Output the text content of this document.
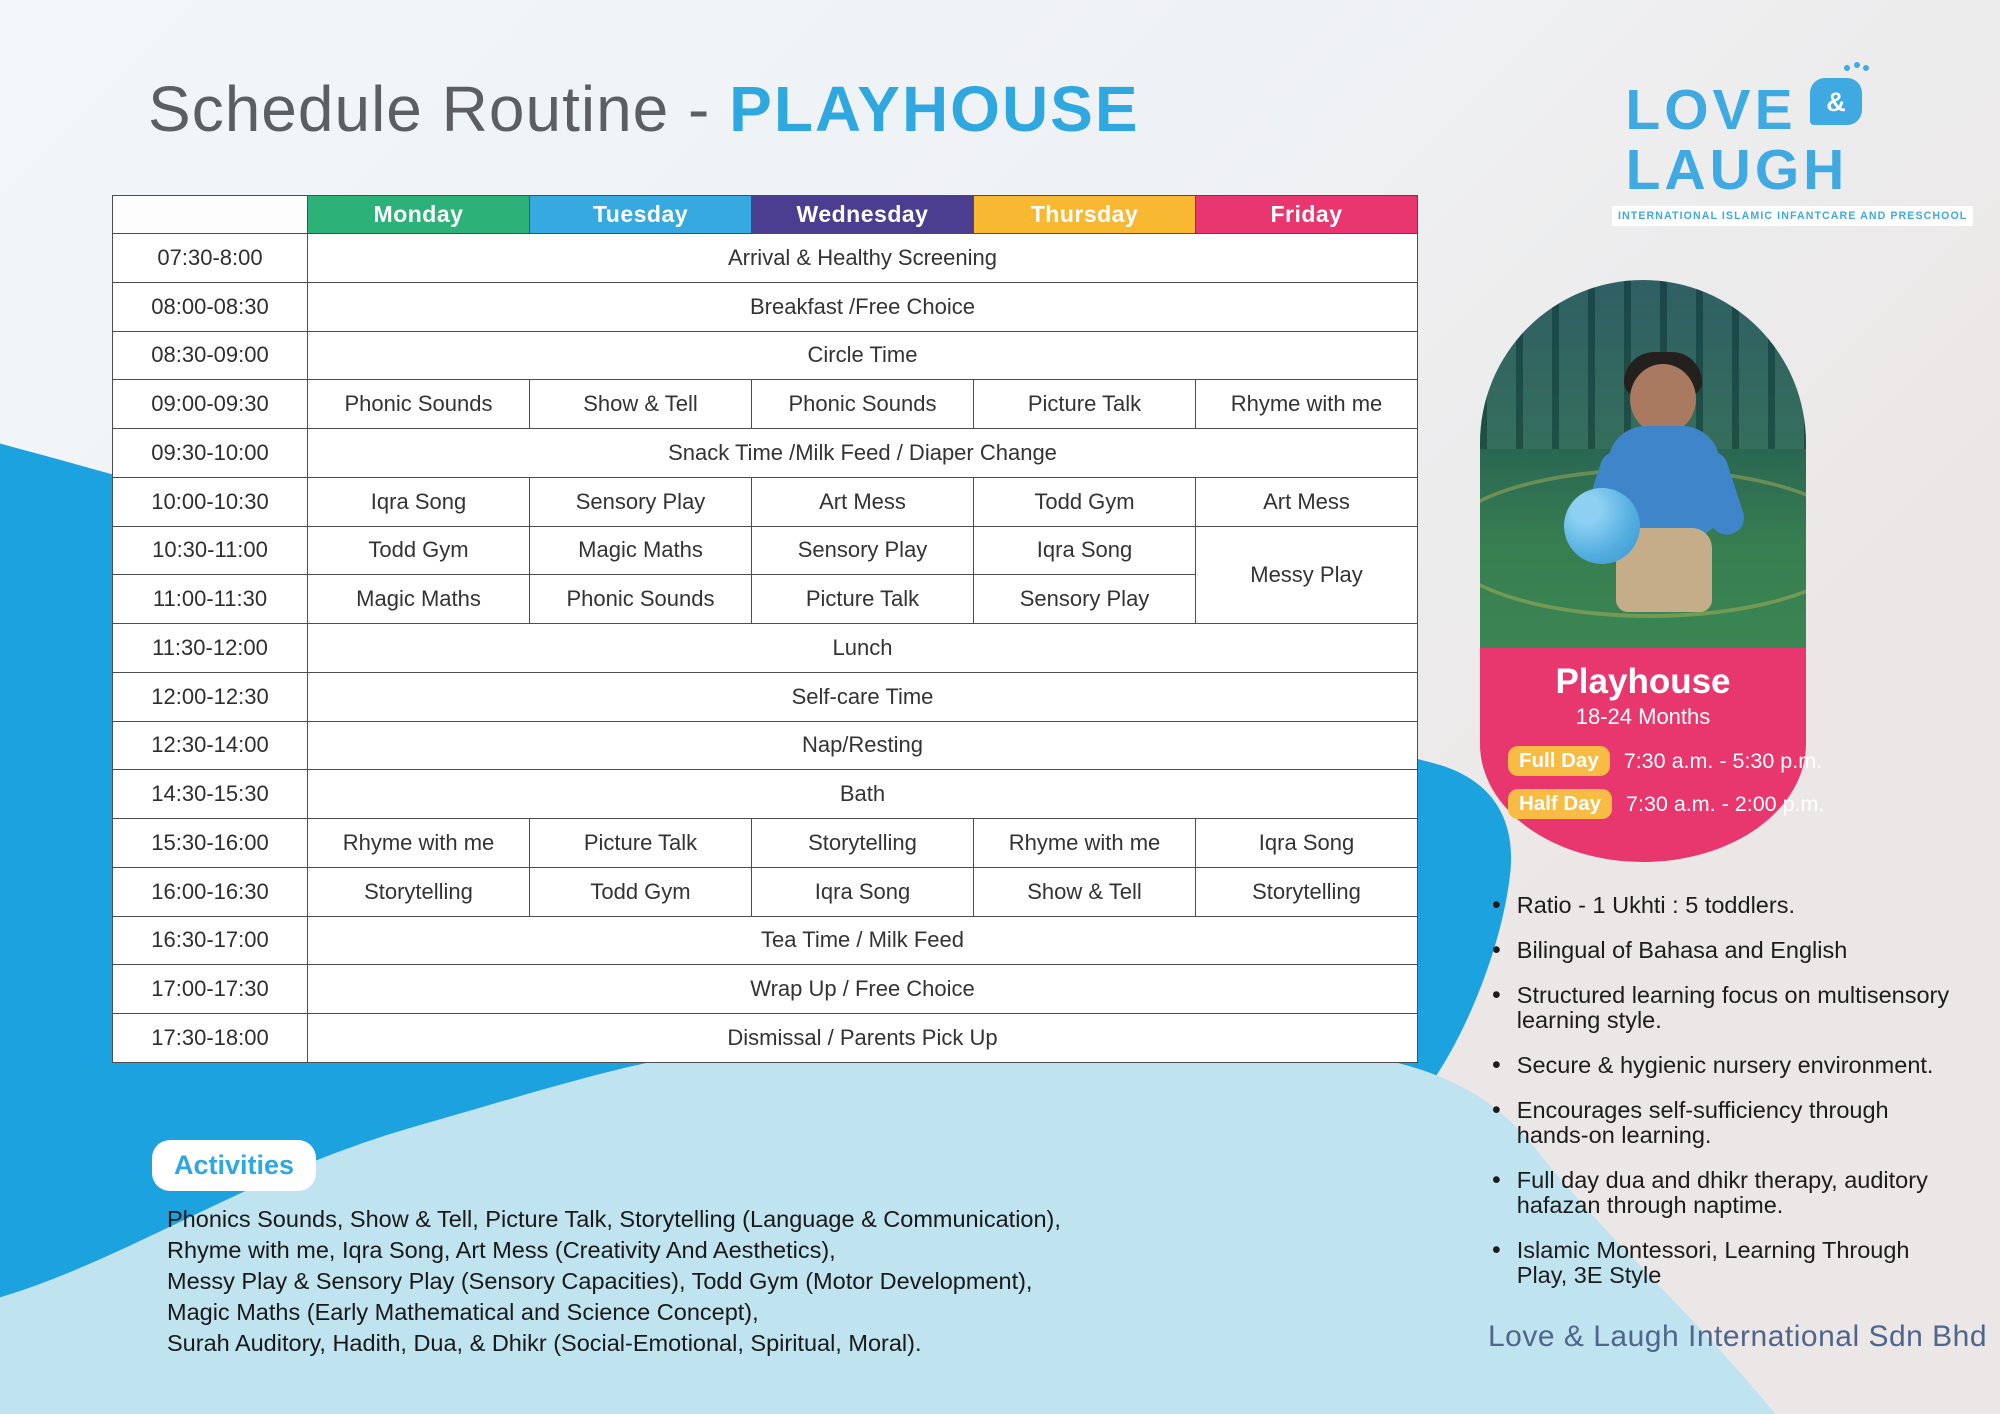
Schedule Routine - PLAYHOUSE	LOVE &
LAUGH
INTERNATIONAL ISLAMIC INFANTCARE AND PRESCHOOL
	Monday	Tuesday	Wednesday	Thursday	Friday
07:30-8:00	Arrival & Healthy Screening				
08:00-08:30	Breakfast /Free Choice				
08:30-09:00	Circle Time				
09:00-09:30	Phonic Sounds	Show & Tell	Phonic Sounds	Picture Talk	Rhyme with me
09:30-10:00	Snack Time /Milk Feed / Diaper Change				
10:00-10:30	Iqra Song	Sensory Play	Art Mess	Todd Gym	Art Mess
10:30-11:00	Todd Gym	Magic Maths	Sensory Play	Iqra Song	Messy Play
11:00-11:30	Magic Maths	Phonic Sounds	Picture Talk	Sensory Play	
11:30-12:00	Lunch				
12:00-12:30	Self-care Time				
12:30-14:00	Nap/Resting				
14:30-15:30	Bath				
15:30-16:00	Rhyme with me	Picture Talk	Storytelling	Rhyme with me	Iqra Song
16:00-16:30	Storytelling	Todd Gym	Iqra Song	Show & Tell	Storytelling
16:30-17:00	Tea Time / Milk Feed				
17:00-17:30	Wrap Up / Free Choice				
17:30-18:00	Dismissal / Parents Pick Up				
Playhouse
18-24 Months
Full Day	7:30 a.m. - 5:30 p.m.
Half Day	7:30 a.m. - 2:00 p.m.
• Ratio - 1 Ukhti : 5 toddlers.
• Bilingual of Bahasa and English
• Structured learning focus on multisensory learning style.
• Secure & hygienic nursery environment.
• Encourages self-sufficiency through hands-on learning.
• Full day dua and dhikr therapy, auditory hafazan through naptime.
• Islamic Montessori, Learning Through Play, 3E Style
Activities
Phonics Sounds, Show & Tell, Picture Talk, Storytelling (Language & Communication),
Rhyme with me, Iqra Song, Art Mess (Creativity And Aesthetics),
Messy Play & Sensory Play (Sensory Capacities), Todd Gym (Motor Development),
Magic Maths (Early Mathematical and Science Concept),
Surah Auditory, Hadith, Dua, & Dhikr (Social-Emotional, Spiritual, Moral).	Love & Laugh International Sdn Bhd
